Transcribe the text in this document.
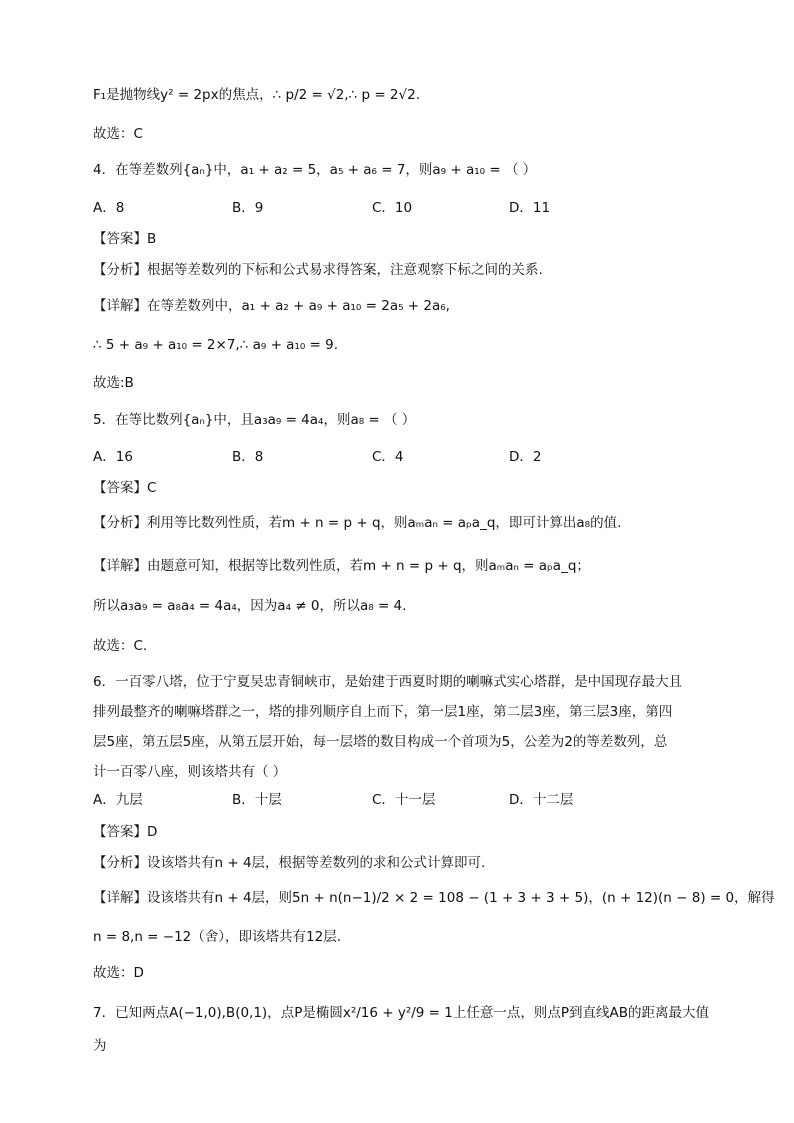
F₁是抛物线y² = 2px的焦点，∴ p/2 = √2,∴ p = 2√2.
故选：C
4．在等差数列{aₙ}中，a₁ + a₂ = 5，a₅ + a₆ = 7，则a₉ + a₁₀ = （ ）
【答案】B
【分析】根据等差数列的下标和公式易求得答案，注意观察下标之间的关系.
【详解】在等差数列中，a₁ + a₂ + a₉ + a₁₀ = 2a₅ + 2a₆,
∴ 5 + a₉ + a₁₀ = 2×7,∴ a₉ + a₁₀ = 9.
故选:B
5．在等比数列{aₙ}中，且a₃a₉ = 4a₄，则a₈ = （ ）
【答案】C
【分析】利用等比数列性质，若m + n = p + q，则aₘaₙ = aₚa_q，即可计算出a₈的值.
【详解】由题意可知，根据等比数列性质，若m + n = p + q，则aₘaₙ = aₚa_q；
所以a₃a₉ = a₈a₄ = 4a₄，因为a₄ ≠ 0，所以a₈ = 4.
故选：C.
6．一百零八塔，位于宁夏吴忠青铜峡市，是始建于西夏时期的喇嘛式实心塔群，是中国现存最大且
排列最整齐的喇嘛塔群之一，塔的排列顺序自上而下，第一层1座，第二层3座，第三层3座，第四
层5座，第五层5座，从第五层开始，每一层塔的数目构成一个首项为5，公差为2的等差数列，总
计一百零八座，则该塔共有（ ）
【答案】D
【分析】设该塔共有n + 4层，根据等差数列的求和公式计算即可.
【详解】设该塔共有n + 4层，则5n + n(n−1)/2 × 2 = 108 − (1 + 3 + 3 + 5)，(n + 12)(n − 8) = 0，解得
n = 8,n = −12（舍），即该塔共有12层.
故选：D
7．已知两点A(−1,0),B(0,1)，点P是椭圆x²/16 + y²/9 = 1上任意一点，则点P到直线AB的距离最大值
为
A．8	B．9	C．10	D．11
A．16	B．8	C．4	D．2
A．九层	B．十层	C．十一层	D．十二层
